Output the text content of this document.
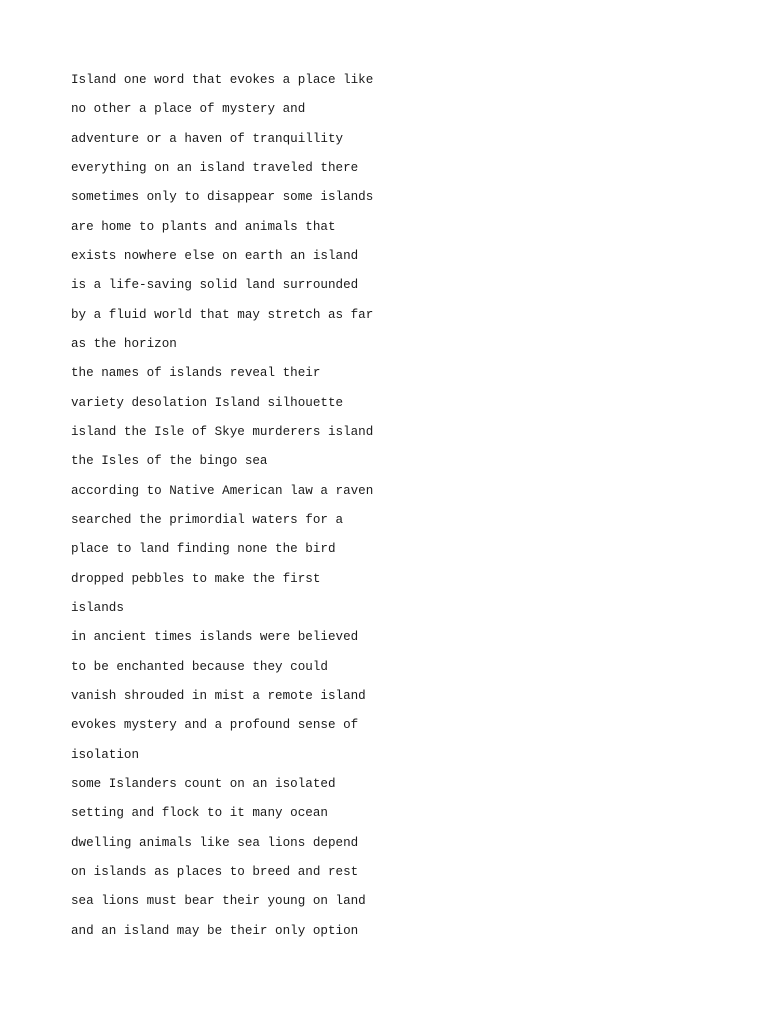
Island one word that evokes a place like
no other a place of mystery and
adventure or a haven of tranquillity
everything on an island traveled there
sometimes only to disappear some islands
are home to plants and animals that
exists nowhere else on earth an island
is a life-saving solid land surrounded
by a fluid world that may stretch as far
as the horizon
the names of islands reveal their
variety desolation Island silhouette
island the Isle of Skye murderers island
the Isles of the bingo sea
according to Native American law a raven
searched the primordial waters for a
place to land finding none the bird
dropped pebbles to make the first
islands
in ancient times islands were believed
to be enchanted because they could
vanish shrouded in mist a remote island
evokes mystery and a profound sense of
isolation
some Islanders count on an isolated
setting and flock to it many ocean
dwelling animals like sea lions depend
on islands as places to breed and rest
sea lions must bear their young on land
and an island may be their only option
